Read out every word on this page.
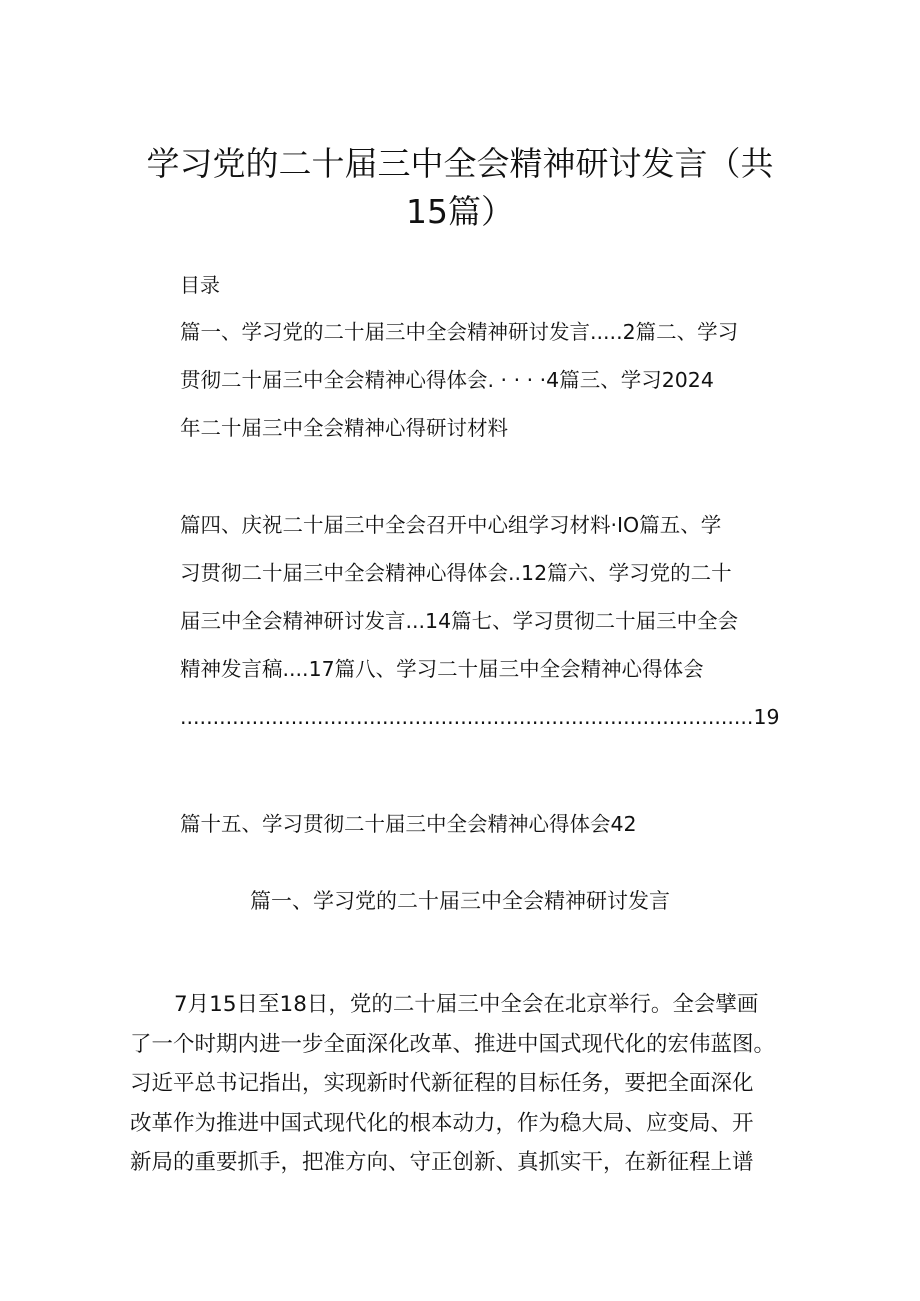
学习党的二十届三中全会精神研讨发言（共
15篇）
目录
篇一、学习党的二十届三中全会精神研讨发言.....2篇二、学习
贯彻二十届三中全会精神心得体会. · · · ·4篇三、学习2024
年二十届三中全会精神心得研讨材料
篇四、庆祝二十届三中全会召开中心组学习材料·IO篇五、学
习贯彻二十届三中全会精神心得体会..12篇六、学习党的二十
届三中全会精神研讨发言...14篇七、学习贯彻二十届三中全会
精神发言稿....17篇八、学习二十届三中全会精神心得体会
........................................................................................19
篇十五、学习贯彻二十届三中全会精神心得体会42
篇一、学习党的二十届三中全会精神研讨发言
7月15日至18日，党的二十届三中全会在北京举行。全会擘画
了一个时期内进一步全面深化改革、推进中国式现代化的宏伟蓝图。
习近平总书记指出，实现新时代新征程的目标任务，要把全面深化
改革作为推进中国式现代化的根本动力，作为稳大局、应变局、开
新局的重要抓手，把准方向、守正创新、真抓实干，在新征程上谱
